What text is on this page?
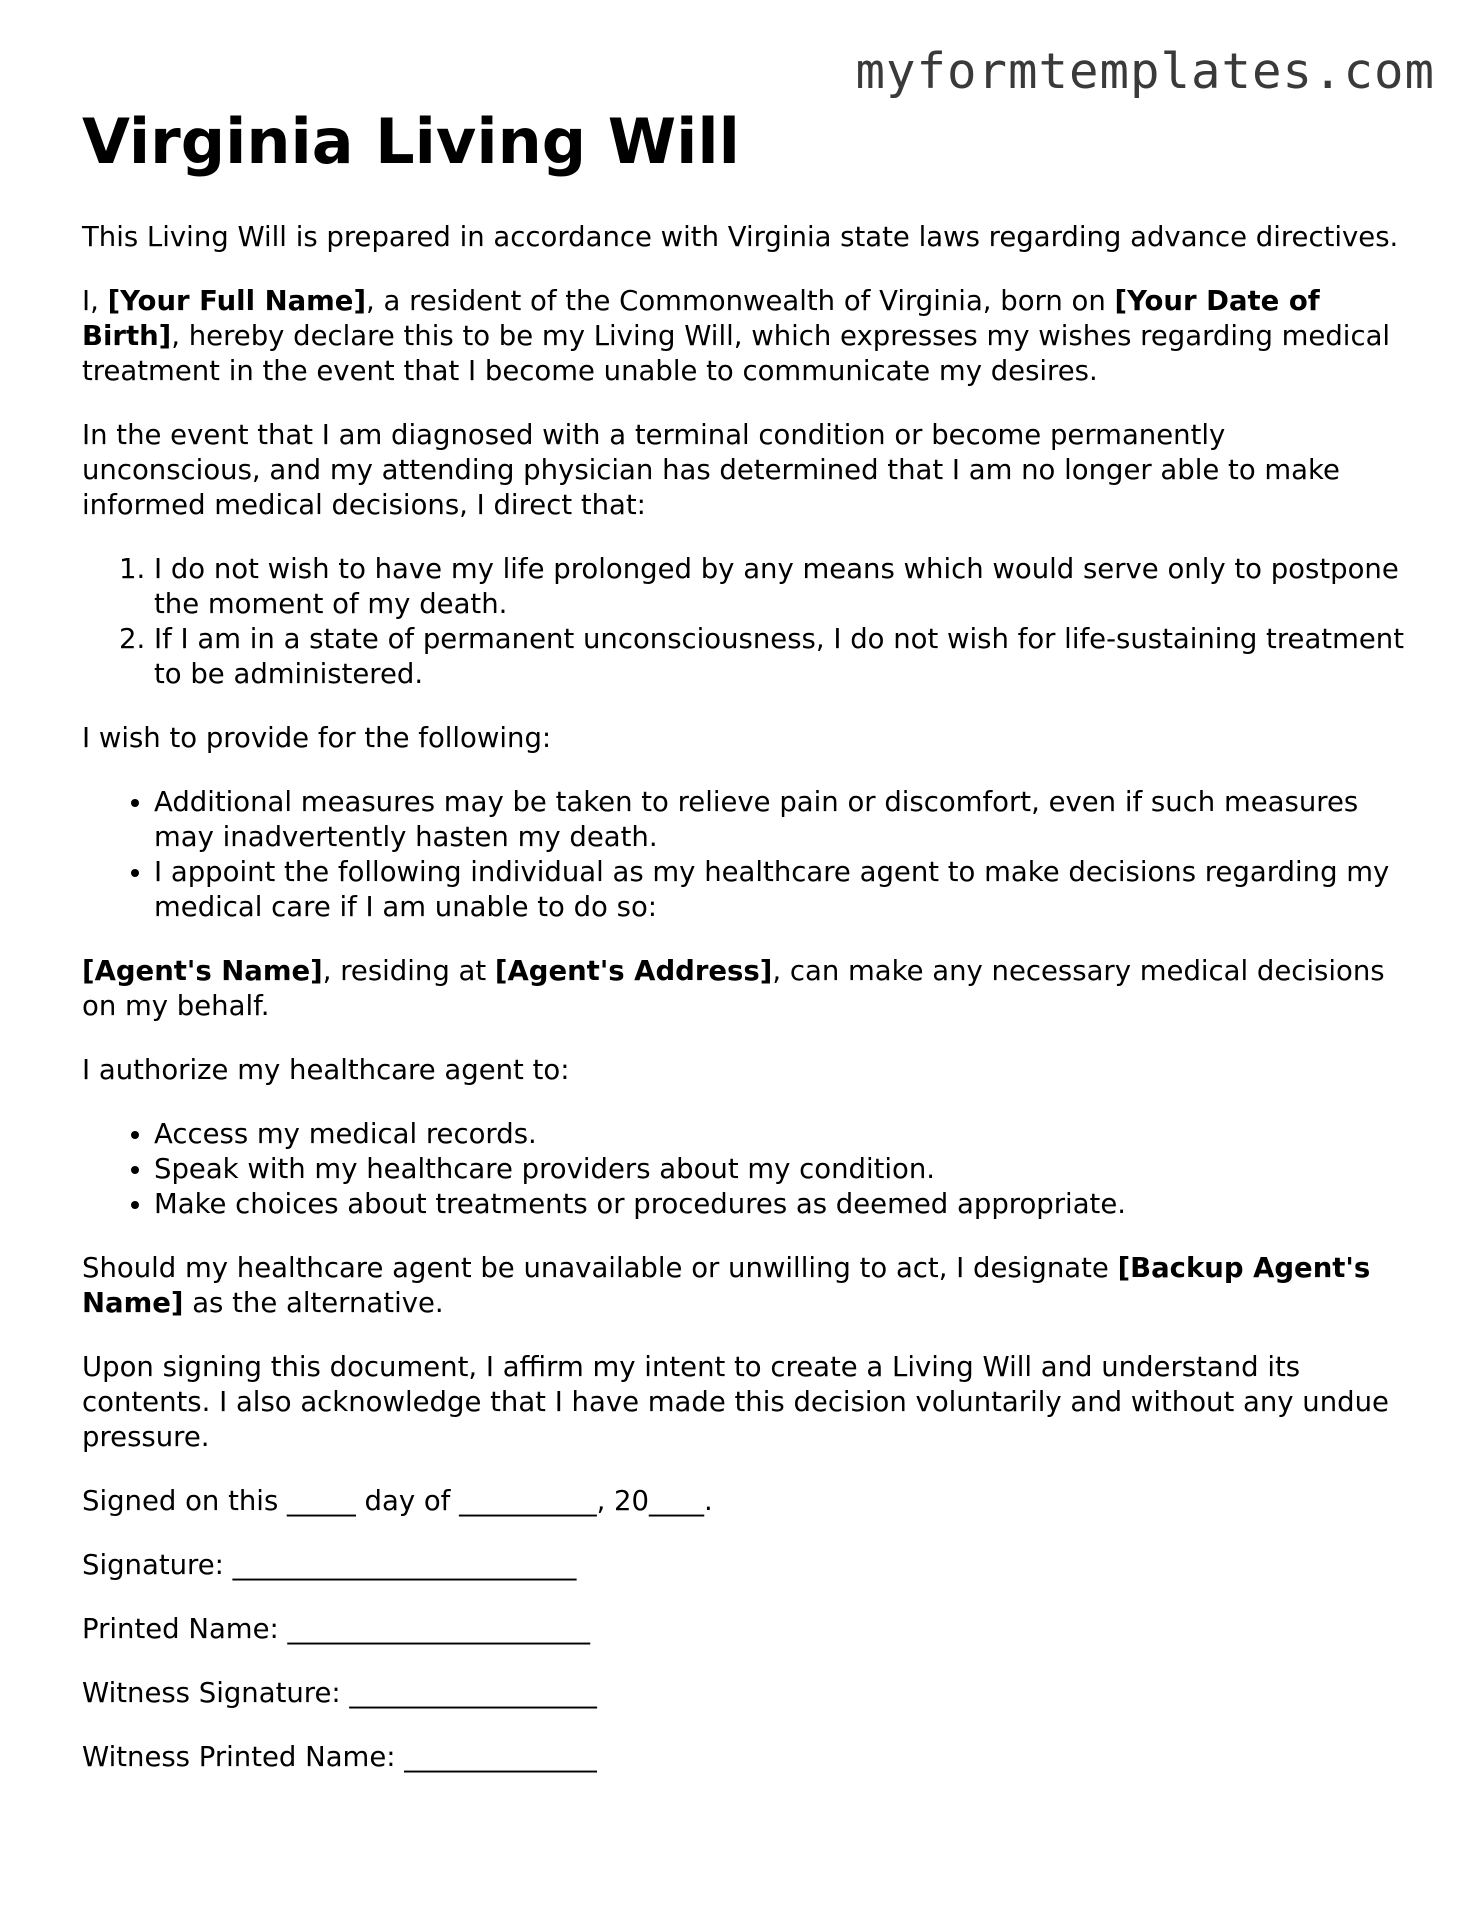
myformtemplates.com
Virginia Living Will

This Living Will is prepared in accordance with Virginia state laws regarding advance directives.

I, [Your Full Name], a resident of the Commonwealth of Virginia, born on [Your Date of Birth], hereby declare this to be my Living Will, which expresses my wishes regarding medical treatment in the event that I become unable to communicate my desires.

In the event that I am diagnosed with a terminal condition or become permanently unconscious, and my attending physician has determined that I am no longer able to make informed medical decisions, I direct that:

1. I do not wish to have my life prolonged by any means which would serve only to postpone the moment of my death.
2. If I am in a state of permanent unconsciousness, I do not wish for life-sustaining treatment to be administered.

I wish to provide for the following:

• Additional measures may be taken to relieve pain or discomfort, even if such measures may inadvertently hasten my death.
• I appoint the following individual as my healthcare agent to make decisions regarding my medical care if I am unable to do so:

[Agent's Name], residing at [Agent's Address], can make any necessary medical decisions on my behalf.

I authorize my healthcare agent to:

• Access my medical records.
• Speak with my healthcare providers about my condition.
• Make choices about treatments or procedures as deemed appropriate.

Should my healthcare agent be unavailable or unwilling to act, I designate [Backup Agent's Name] as the alternative.

Upon signing this document, I affirm my intent to create a Living Will and understand its contents. I also acknowledge that I have made this decision voluntarily and without any undue pressure.

Signed on this _____ day of __________, 20____.

Signature: _________________________

Printed Name: ______________________

Witness Signature: __________________

Witness Printed Name: ______________
